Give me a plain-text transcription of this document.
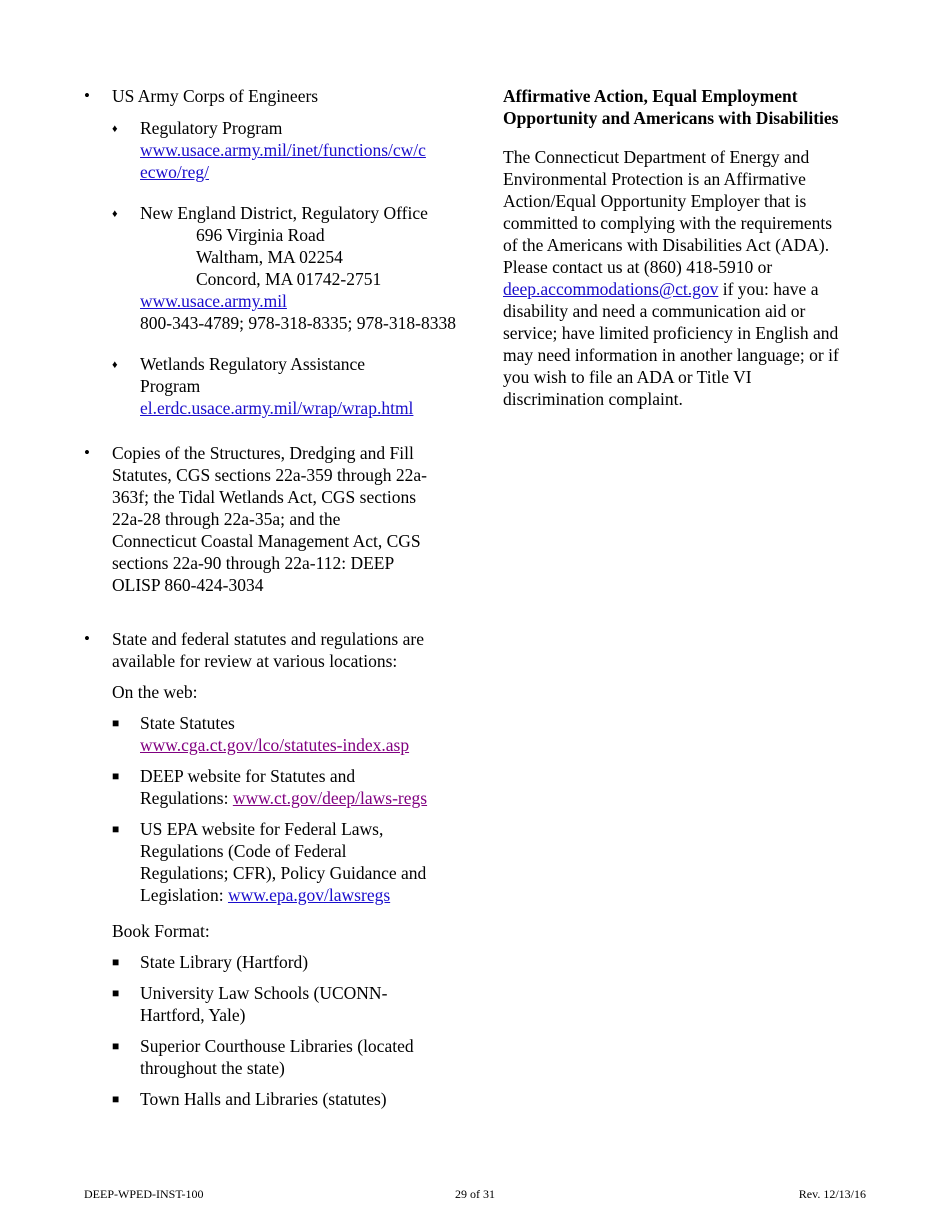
• US Army Corps of Engineers
♦ Regulatory Program
www.usace.army.mil/inet/functions/cw/c
ecwo/reg/
♦ New England District, Regulatory Office
696 Virginia Road
Waltham, MA 02254
Concord, MA 01742-2751
www.usace.army.mil
800-343-4789; 978-318-8335; 978-318-8338
♦ Wetlands Regulatory Assistance
Program
el.erdc.usace.army.mil/wrap/wrap.html
• Copies of the Structures, Dredging and Fill
Statutes, CGS sections 22a-359 through 22a-
363f; the Tidal Wetlands Act, CGS sections
22a-28 through 22a-35a; and the
Connecticut Coastal Management Act, CGS
sections 22a-90 through 22a-112: DEEP
OLISP 860-424-3034
• State and federal statutes and regulations are
available for review at various locations:
On the web:
■ State Statutes
www.cga.ct.gov/lco/statutes-index.asp
■ DEEP website for Statutes and
Regulations: www.ct.gov/deep/laws-regs
■ US EPA website for Federal Laws,
Regulations (Code of Federal
Regulations; CFR), Policy Guidance and
Legislation: www.epa.gov/lawsregs
Book Format:
■ State Library (Hartford)
■ University Law Schools (UCONN-
Hartford, Yale)
■ Superior Courthouse Libraries (located
throughout the state)
■ Town Halls and Libraries (statutes)
Affirmative Action, Equal Employment
Opportunity and Americans with Disabilities
The Connecticut Department of Energy and
Environmental Protection is an Affirmative
Action/Equal Opportunity Employer that is
committed to complying with the requirements
of the Americans with Disabilities Act (ADA).
Please contact us at (860) 418-5910 or
deep.accommodations@ct.gov if you: have a
disability and need a communication aid or
service; have limited proficiency in English and
may need information in another language; or if
you wish to file an ADA or Title VI
discrimination complaint.
DEEP-WPED-INST-100	29 of 31	Rev. 12/13/16
